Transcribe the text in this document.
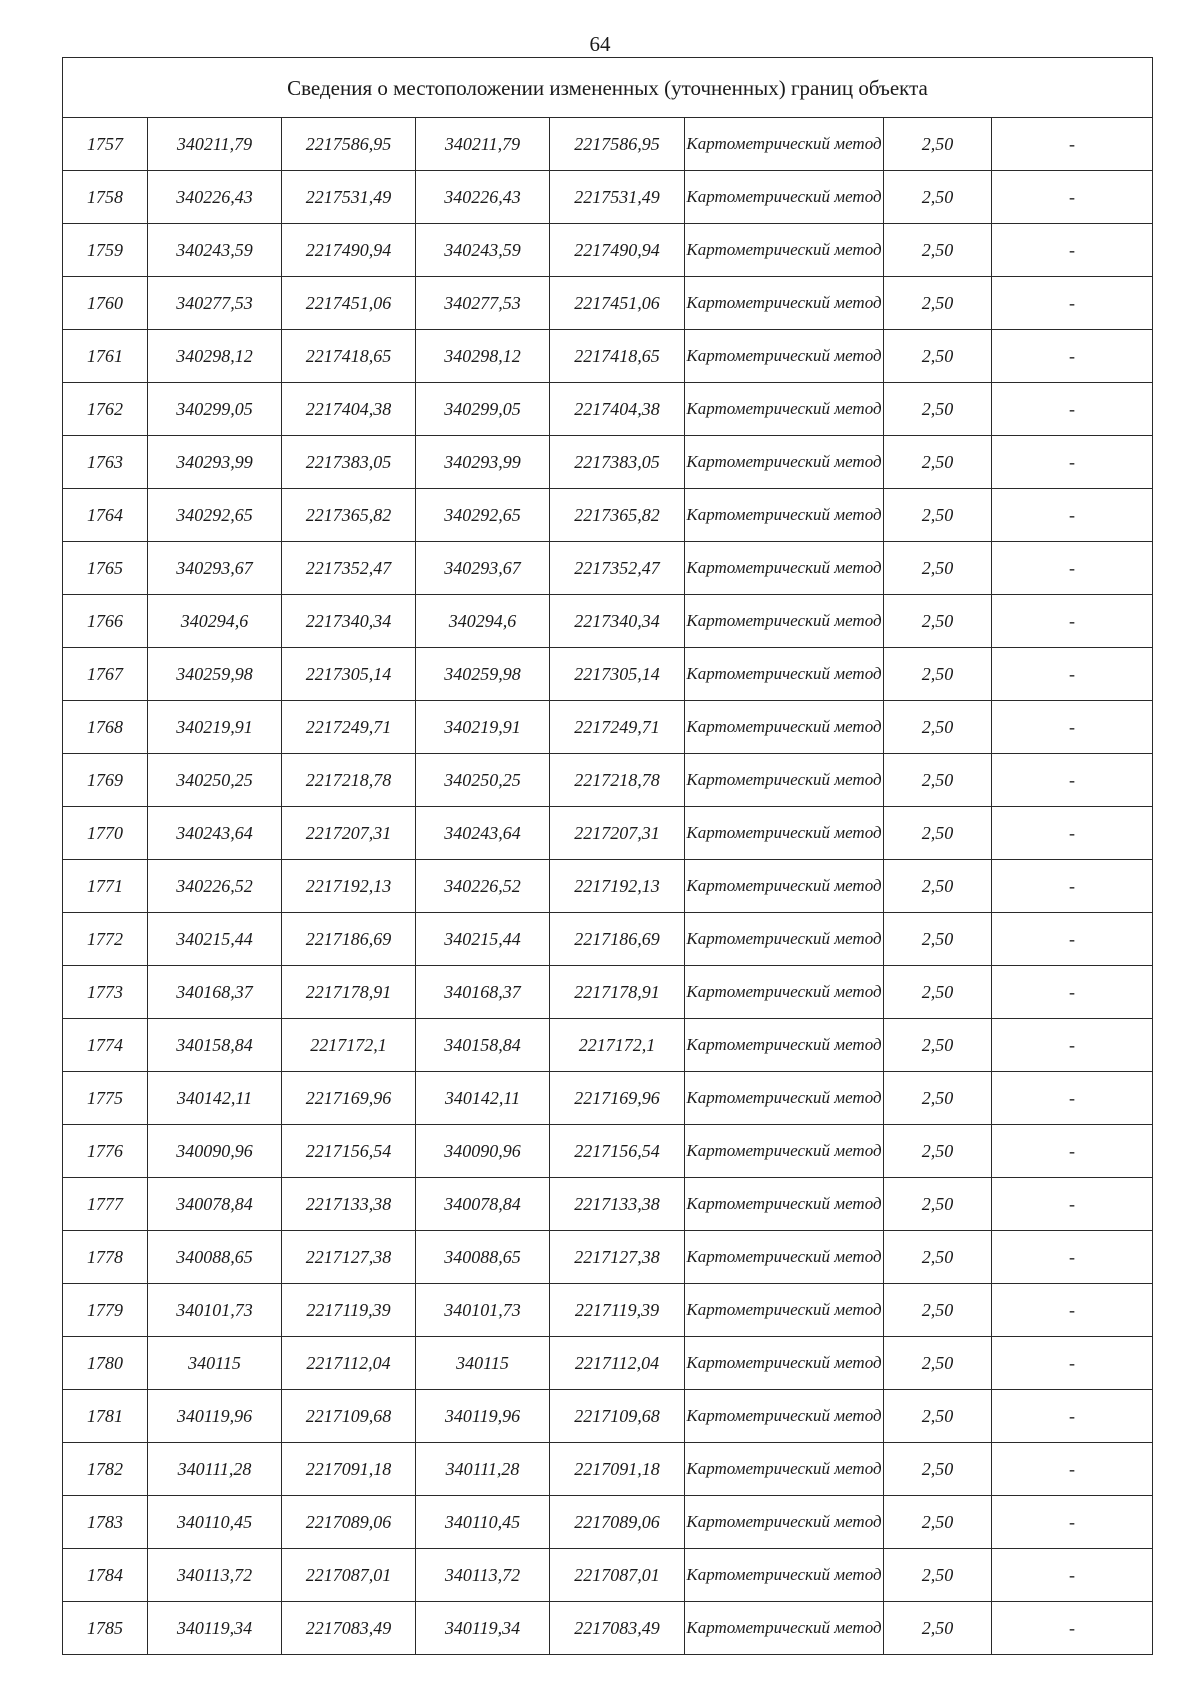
64
Сведения о местоположении измененных (уточненных) границ объекта							
1757	340211,79	2217586,95	340211,79	2217586,95	Картометрический метод	2,50	-
1758	340226,43	2217531,49	340226,43	2217531,49	Картометрический метод	2,50	-
1759	340243,59	2217490,94	340243,59	2217490,94	Картометрический метод	2,50	-
1760	340277,53	2217451,06	340277,53	2217451,06	Картометрический метод	2,50	-
1761	340298,12	2217418,65	340298,12	2217418,65	Картометрический метод	2,50	-
1762	340299,05	2217404,38	340299,05	2217404,38	Картометрический метод	2,50	-
1763	340293,99	2217383,05	340293,99	2217383,05	Картометрический метод	2,50	-
1764	340292,65	2217365,82	340292,65	2217365,82	Картометрический метод	2,50	-
1765	340293,67	2217352,47	340293,67	2217352,47	Картометрический метод	2,50	-
1766	340294,6	2217340,34	340294,6	2217340,34	Картометрический метод	2,50	-
1767	340259,98	2217305,14	340259,98	2217305,14	Картометрический метод	2,50	-
1768	340219,91	2217249,71	340219,91	2217249,71	Картометрический метод	2,50	-
1769	340250,25	2217218,78	340250,25	2217218,78	Картометрический метод	2,50	-
1770	340243,64	2217207,31	340243,64	2217207,31	Картометрический метод	2,50	-
1771	340226,52	2217192,13	340226,52	2217192,13	Картометрический метод	2,50	-
1772	340215,44	2217186,69	340215,44	2217186,69	Картометрический метод	2,50	-
1773	340168,37	2217178,91	340168,37	2217178,91	Картометрический метод	2,50	-
1774	340158,84	2217172,1	340158,84	2217172,1	Картометрический метод	2,50	-
1775	340142,11	2217169,96	340142,11	2217169,96	Картометрический метод	2,50	-
1776	340090,96	2217156,54	340090,96	2217156,54	Картометрический метод	2,50	-
1777	340078,84	2217133,38	340078,84	2217133,38	Картометрический метод	2,50	-
1778	340088,65	2217127,38	340088,65	2217127,38	Картометрический метод	2,50	-
1779	340101,73	2217119,39	340101,73	2217119,39	Картометрический метод	2,50	-
1780	340115	2217112,04	340115	2217112,04	Картометрический метод	2,50	-
1781	340119,96	2217109,68	340119,96	2217109,68	Картометрический метод	2,50	-
1782	340111,28	2217091,18	340111,28	2217091,18	Картометрический метод	2,50	-
1783	340110,45	2217089,06	340110,45	2217089,06	Картометрический метод	2,50	-
1784	340113,72	2217087,01	340113,72	2217087,01	Картометрический метод	2,50	-
1785	340119,34	2217083,49	340119,34	2217083,49	Картометрический метод	2,50	-
